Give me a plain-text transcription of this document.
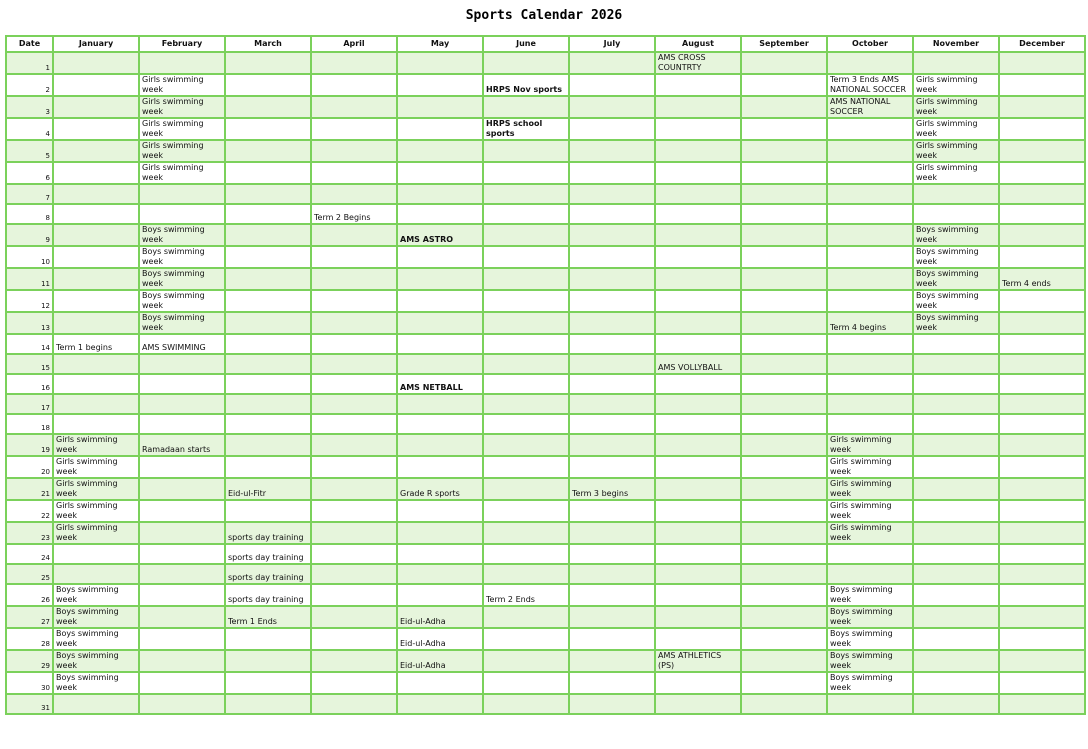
Sports Calendar 2026
Date	January	February	March	April	May	June	July	August	September	October	November	December
1								AMS CROSS COUNTRTY				
2		Girls swimming week				HRPS Nov sports				Term 3 Ends AMS NATIONAL SOCCER	Girls swimming week	
3		Girls swimming week								AMS NATIONAL SOCCER	Girls swimming week	
4		Girls swimming week				HRPS school sports					Girls swimming week	
5		Girls swimming week									Girls swimming week	
6		Girls swimming week									Girls swimming week	
7												
8				Term 2 Begins								
9		Boys swimming week			AMS ASTRO						Boys swimming week	
10		Boys swimming week									Boys swimming week	
11		Boys swimming week									Boys swimming week	Term 4 ends
12		Boys swimming week									Boys swimming week	
13		Boys swimming week								Term 4 begins	Boys swimming week	
14	Term 1 begins	AMS SWIMMING										
15								AMS VOLLYBALL				
16					AMS NETBALL							
17												
18												
19	Girls swimming week	Ramadaan starts								Girls swimming week		
20	Girls swimming week									Girls swimming week		
21	Girls swimming week		Eid-ul-Fitr		Grade R sports		Term 3 begins			Girls swimming week		
22	Girls swimming week									Girls swimming week		
23	Girls swimming week		sports day training							Girls swimming week		
24			sports day training									
25			sports day training									
26	Boys swimming week		sports day training			Term 2 Ends				Boys swimming week		
27	Boys swimming week		Term 1 Ends		Eid-ul-Adha					Boys swimming week		
28	Boys swimming week				Eid-ul-Adha					Boys swimming week		
29	Boys swimming week				Eid-ul-Adha			AMS ATHLETICS (PS)		Boys swimming week		
30	Boys swimming week									Boys swimming week		
31												
